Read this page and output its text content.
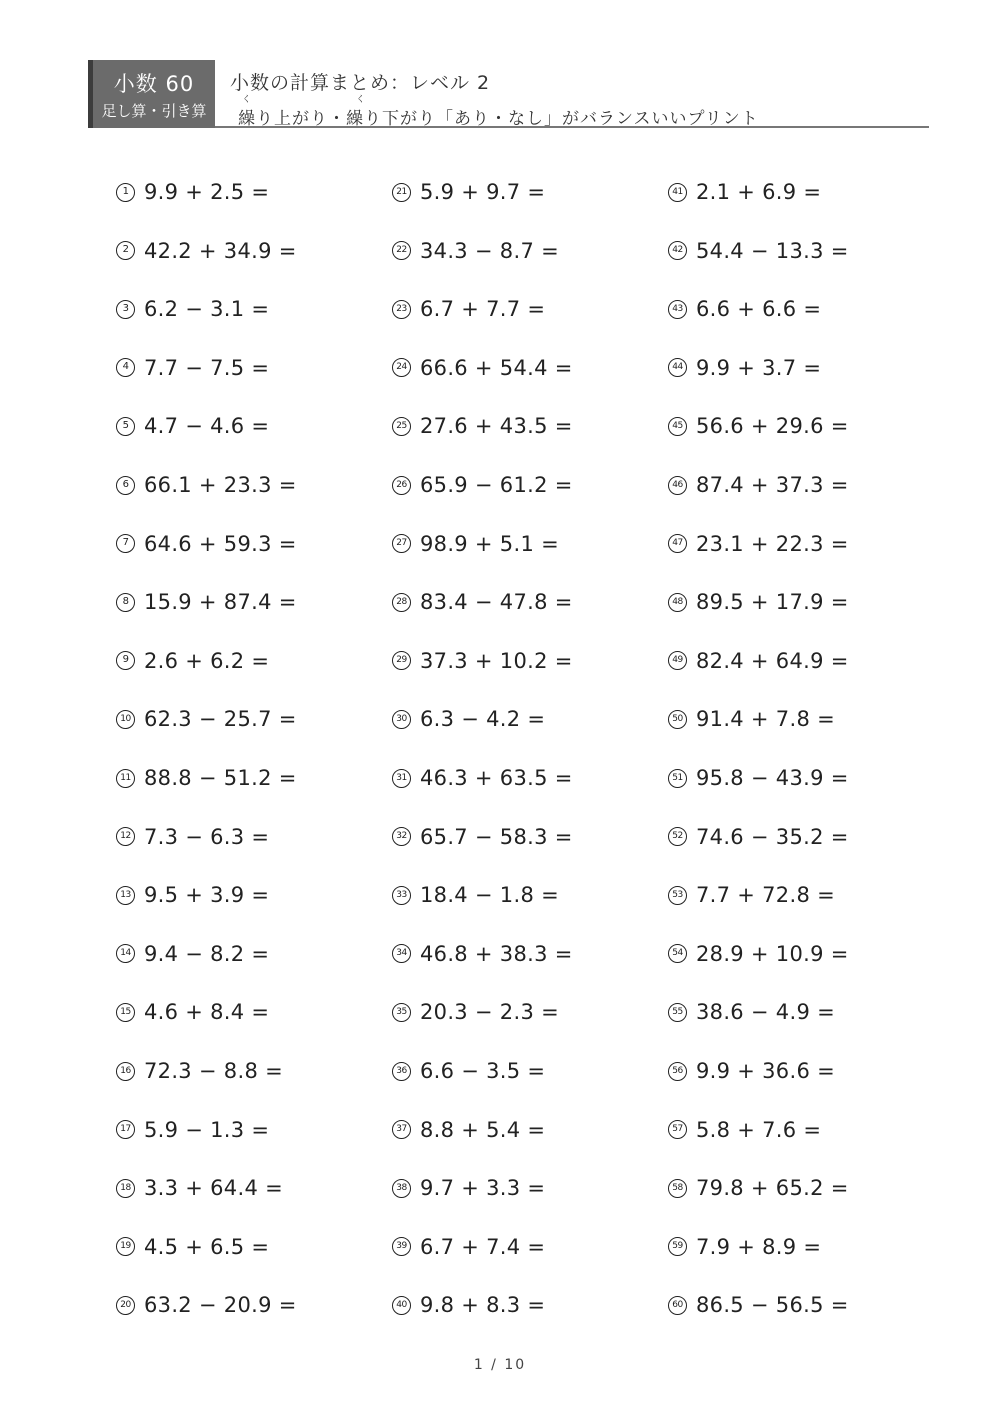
小数 60
足し算・引き算
小数の計算まとめ：レベル 2
く	く
繰り上がり・繰り下がり「あり・なし」がバランスいいプリント
1 9.9 + 2.5 =
2 42.2 + 34.9 =
3 6.2 − 3.1 =
4 7.7 − 7.5 =
5 4.7 − 4.6 =
6 66.1 + 23.3 =
7 64.6 + 59.3 =
8 15.9 + 87.4 =
9 2.6 + 6.2 =
10 62.3 − 25.7 =
11 88.8 − 51.2 =
12 7.3 − 6.3 =
13 9.5 + 3.9 =
14 9.4 − 8.2 =
15 4.6 + 8.4 =
16 72.3 − 8.8 =
17 5.9 − 1.3 =
18 3.3 + 64.4 =
19 4.5 + 6.5 =
20 63.2 − 20.9 =
21 5.9 + 9.7 =
22 34.3 − 8.7 =
23 6.7 + 7.7 =
24 66.6 + 54.4 =
25 27.6 + 43.5 =
26 65.9 − 61.2 =
27 98.9 + 5.1 =
28 83.4 − 47.8 =
29 37.3 + 10.2 =
30 6.3 − 4.2 =
31 46.3 + 63.5 =
32 65.7 − 58.3 =
33 18.4 − 1.8 =
34 46.8 + 38.3 =
35 20.3 − 2.3 =
36 6.6 − 3.5 =
37 8.8 + 5.4 =
38 9.7 + 3.3 =
39 6.7 + 7.4 =
40 9.8 + 8.3 =
41 2.1 + 6.9 =
42 54.4 − 13.3 =
43 6.6 + 6.6 =
44 9.9 + 3.7 =
45 56.6 + 29.6 =
46 87.4 + 37.3 =
47 23.1 + 22.3 =
48 89.5 + 17.9 =
49 82.4 + 64.9 =
50 91.4 + 7.8 =
51 95.8 − 43.9 =
52 74.6 − 35.2 =
53 7.7 + 72.8 =
54 28.9 + 10.9 =
55 38.6 − 4.9 =
56 9.9 + 36.6 =
57 5.8 + 7.6 =
58 79.8 + 65.2 =
59 7.9 + 8.9 =
60 86.5 − 56.5 =
1 / 10
